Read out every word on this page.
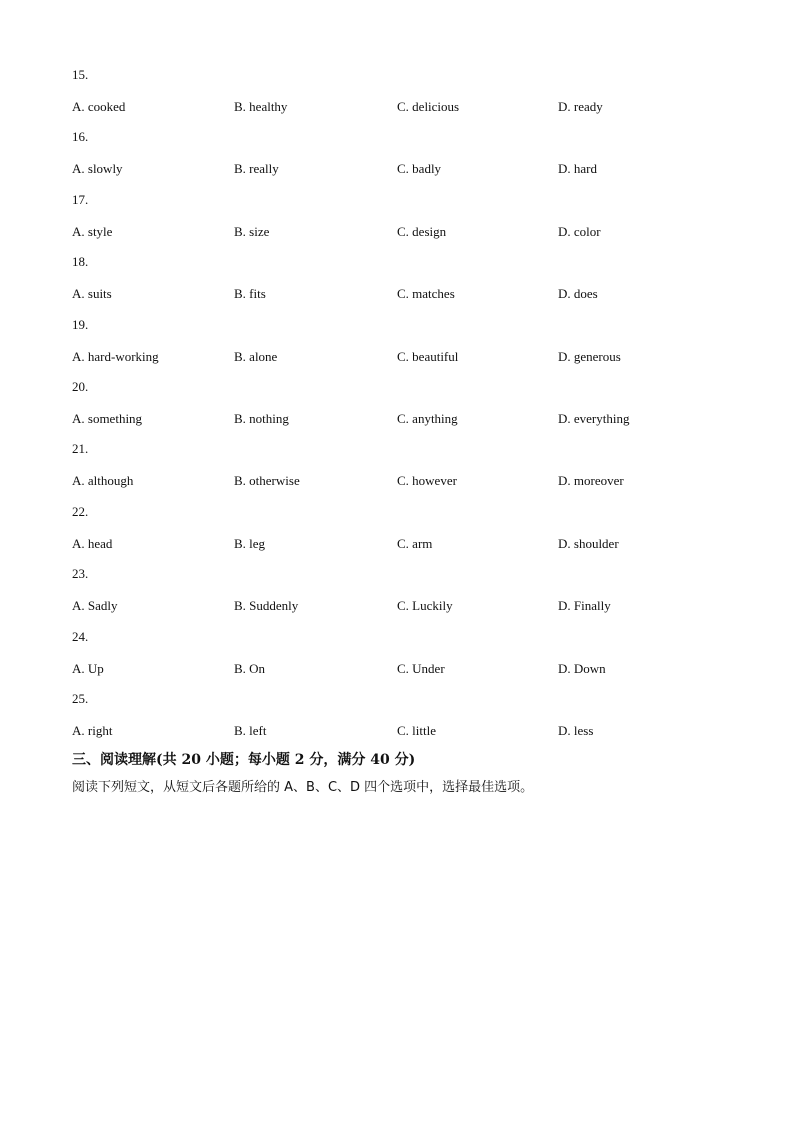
15.
A. cooked	B. healthy	C. delicious	D. ready
16.
A. slowly	B. really	C. badly	D. hard
17.
A. style	B. size	C. design	D. color
18.
A. suits	B. fits	C. matches	D. does
19.
A. hard-working	B. alone	C. beautiful	D. generous
20.
A. something	B. nothing	C. anything	D. everything
21.
A. although	B. otherwise	C. however	D. moreover
22.
A. head	B. leg	C. arm	D. shoulder
23.
A. Sadly	B. Suddenly	C. Luckily	D. Finally
24.
A. Up	B. On	C. Under	D. Down
25.
A. right	B. left	C. little	D. less
三、阅读理解(共 20 小题；每小题 2 分，满分 40 分)
阅读下列短文，从短文后各题所给的 A、B、C、D 四个选项中，选择最佳选项。
